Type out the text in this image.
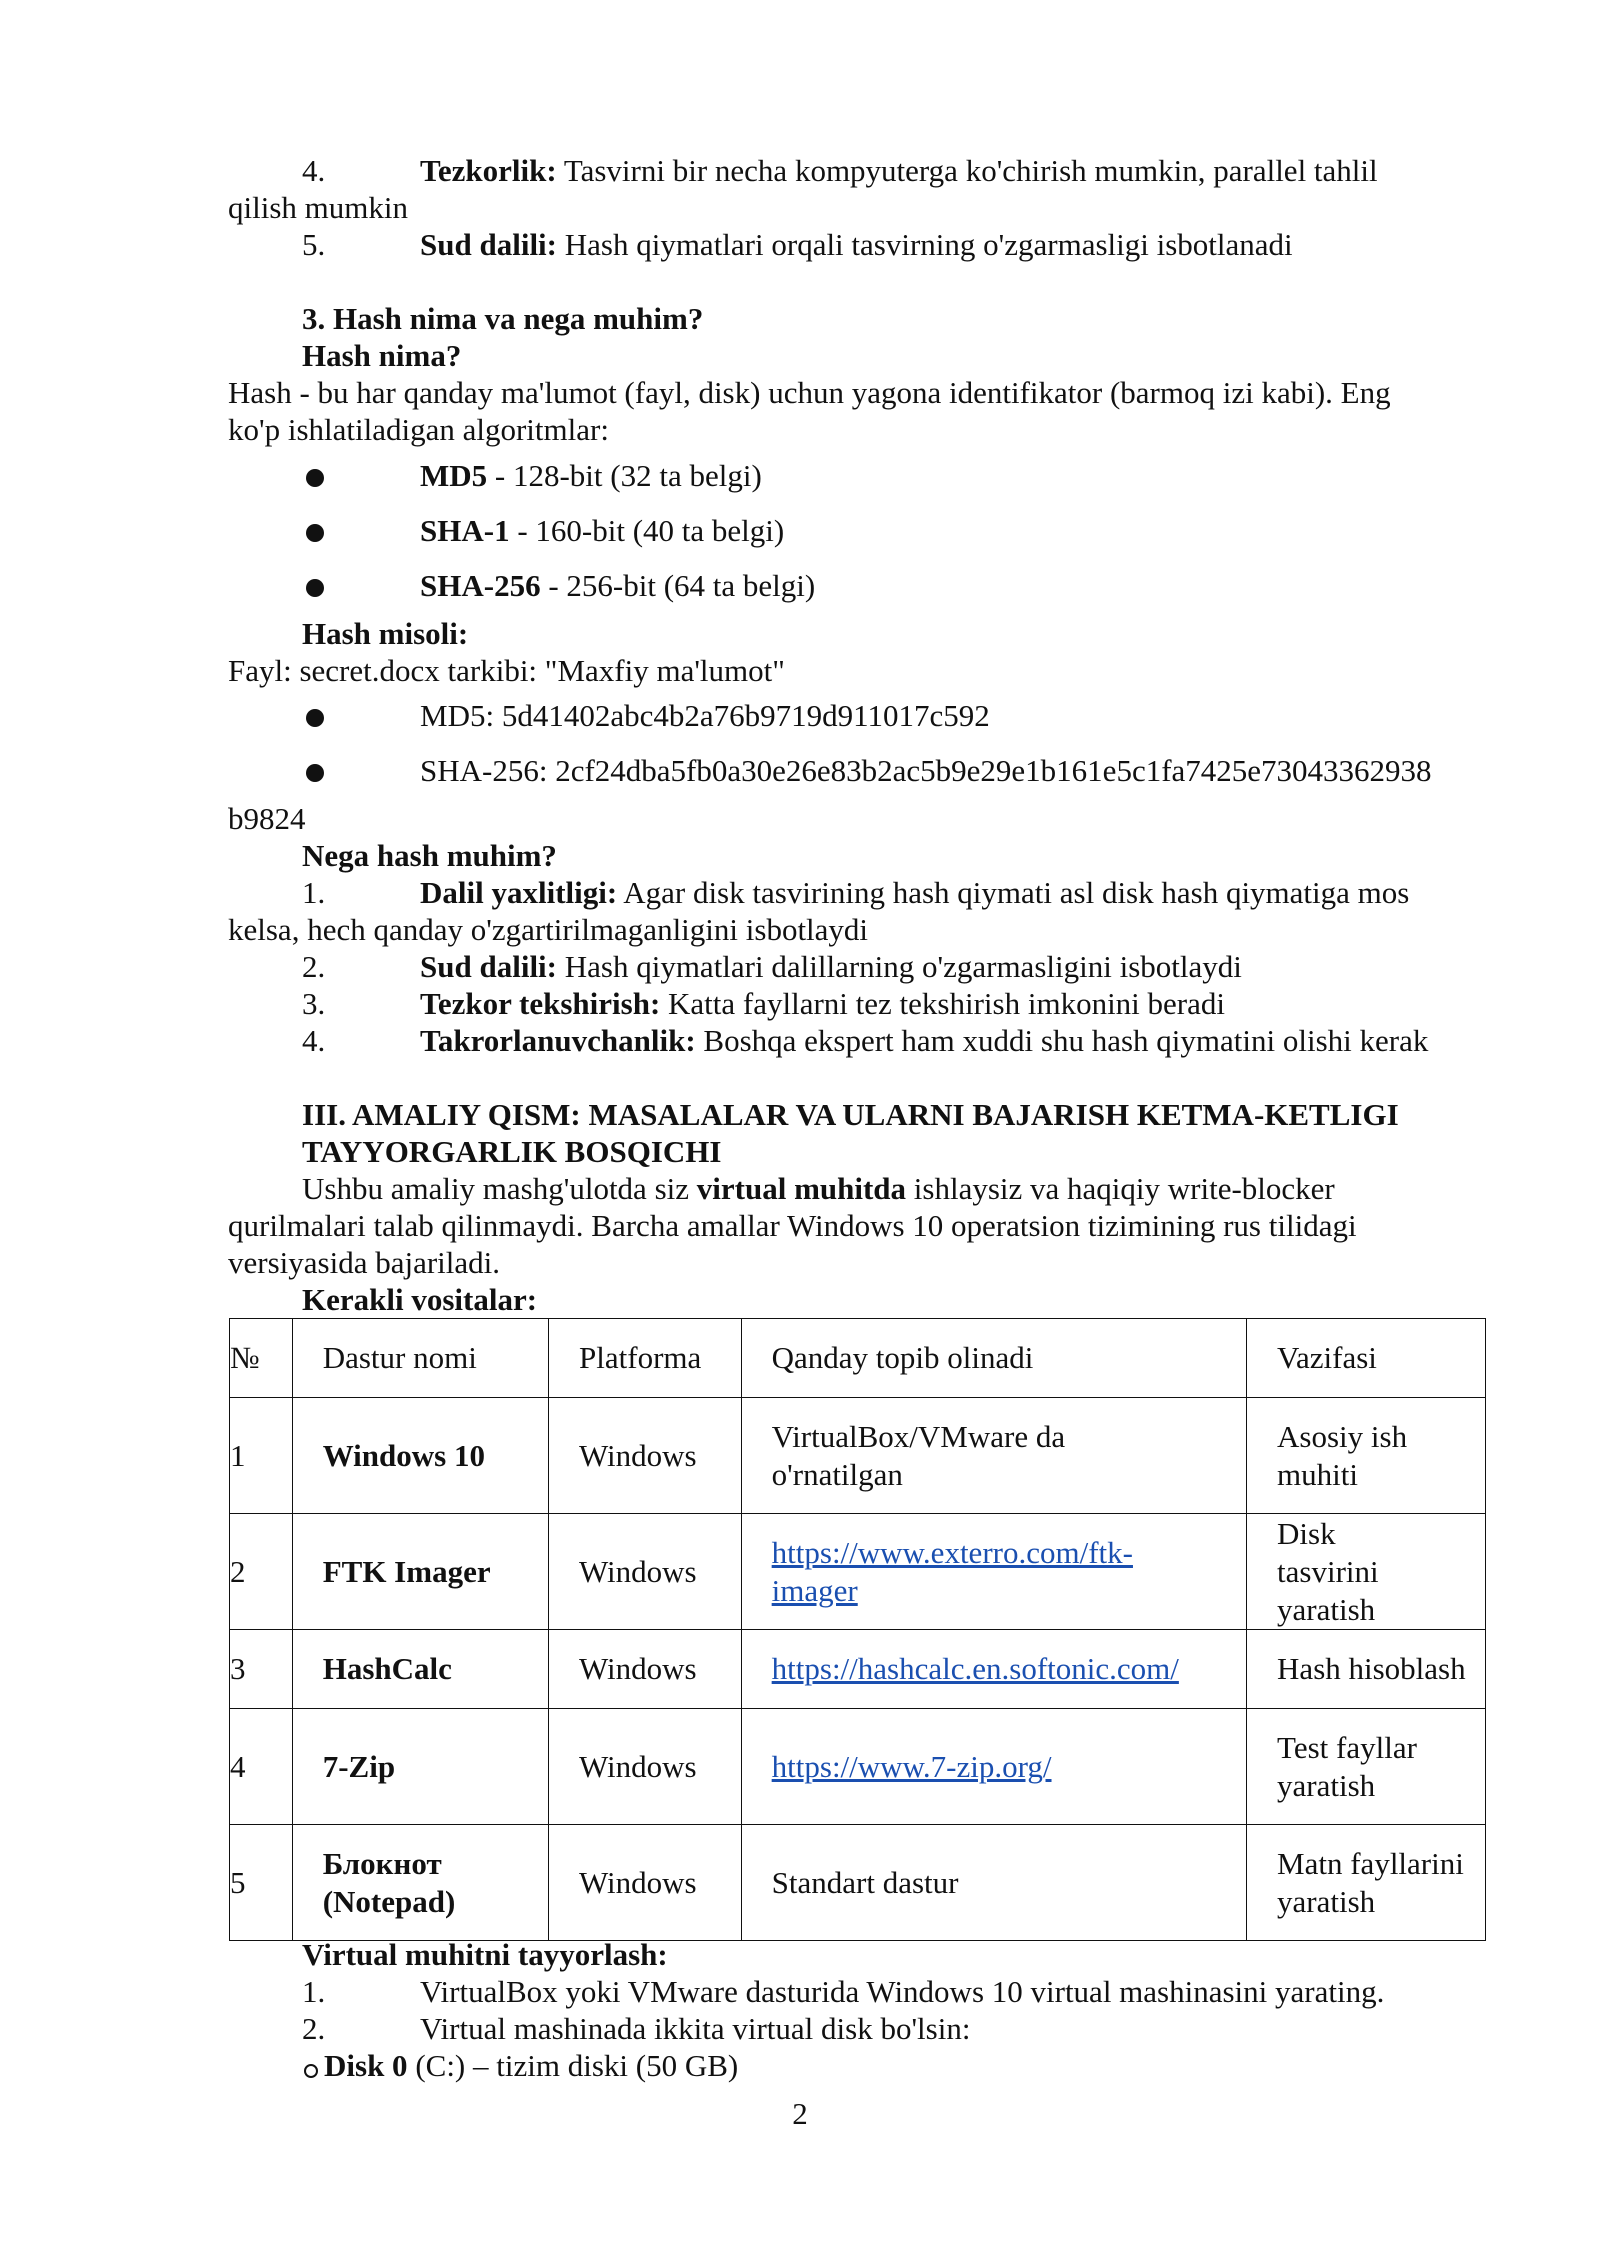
4.	Tezkorlik: Tasvirni bir necha kompyuterga ko'chirish mumkin, parallel tahlil
qilish mumkin
5.	Sud dalili: Hash qiymatlari orqali tasvirning o'zgarmasligi isbotlanadi
3. Hash nima va nega muhim?
Hash nima?
Hash - bu har qanday ma'lumot (fayl, disk) uchun yagona identifikator (barmoq izi kabi). Eng
ko'p ishlatiladigan algoritmlar:
MD5 - 128-bit (32 ta belgi)
SHA-1 - 160-bit (40 ta belgi)
SHA-256 - 256-bit (64 ta belgi)
Hash misoli:
Fayl: secret.docx tarkibi: "Maxfiy ma'lumot"
MD5: 5d41402abc4b2a76b9719d911017c592
SHA-256: 2cf24dba5fb0a30e26e83b2ac5b9e29e1b161e5c1fa7425e73043362938
b9824
Nega hash muhim?
1.	Dalil yaxlitligi: Agar disk tasvirining hash qiymati asl disk hash qiymatiga mos
kelsa, hech qanday o'zgartirilmaganligini isbotlaydi
2.	Sud dalili: Hash qiymatlari dalillarning o'zgarmasligini isbotlaydi
3.	Tezkor tekshirish: Katta fayllarni tez tekshirish imkonini beradi
4.	Takrorlanuvchanlik: Boshqa ekspert ham xuddi shu hash qiymatini olishi kerak
III. AMALIY QISM: MASALALAR VA ULARNI BAJARISH KETMA-KETLIGI
TAYYORGARLIK BOSQICHI
Ushbu amaliy mashg'ulotda siz virtual muhitda ishlaysiz va haqiqiy write-blocker
qurilmalari talab qilinmaydi. Barcha amallar Windows 10 operatsion tizimining rus tilidagi
versiyasida bajariladi.
Kerakli vositalar:
№	Dastur nomi	Platforma	Qanday topib olinadi	Vazifasi
1	Windows 10	Windows	VirtualBox/VMware da o'rnatilgan	Asosiy ish muhiti
2	FTK Imager	Windows	https://www.exterro.com/ftk-imager	Disk tasvirini yaratish
3	HashCalc	Windows	https://hashcalc.en.softonic.com/	Hash hisoblash
4	7-Zip	Windows	https://www.7-zip.org/	Test fayllar yaratish
5	Блокнот (Notepad)	Windows	Standart dastur	Matn fayllarini yaratish
Virtual muhitni tayyorlash:
1.	VirtualBox yoki VMware dasturida Windows 10 virtual mashinasini yarating.
2.	Virtual mashinada ikkita virtual disk bo'lsin:
Disk 0 (C:) – tizim diski (50 GB)
2
